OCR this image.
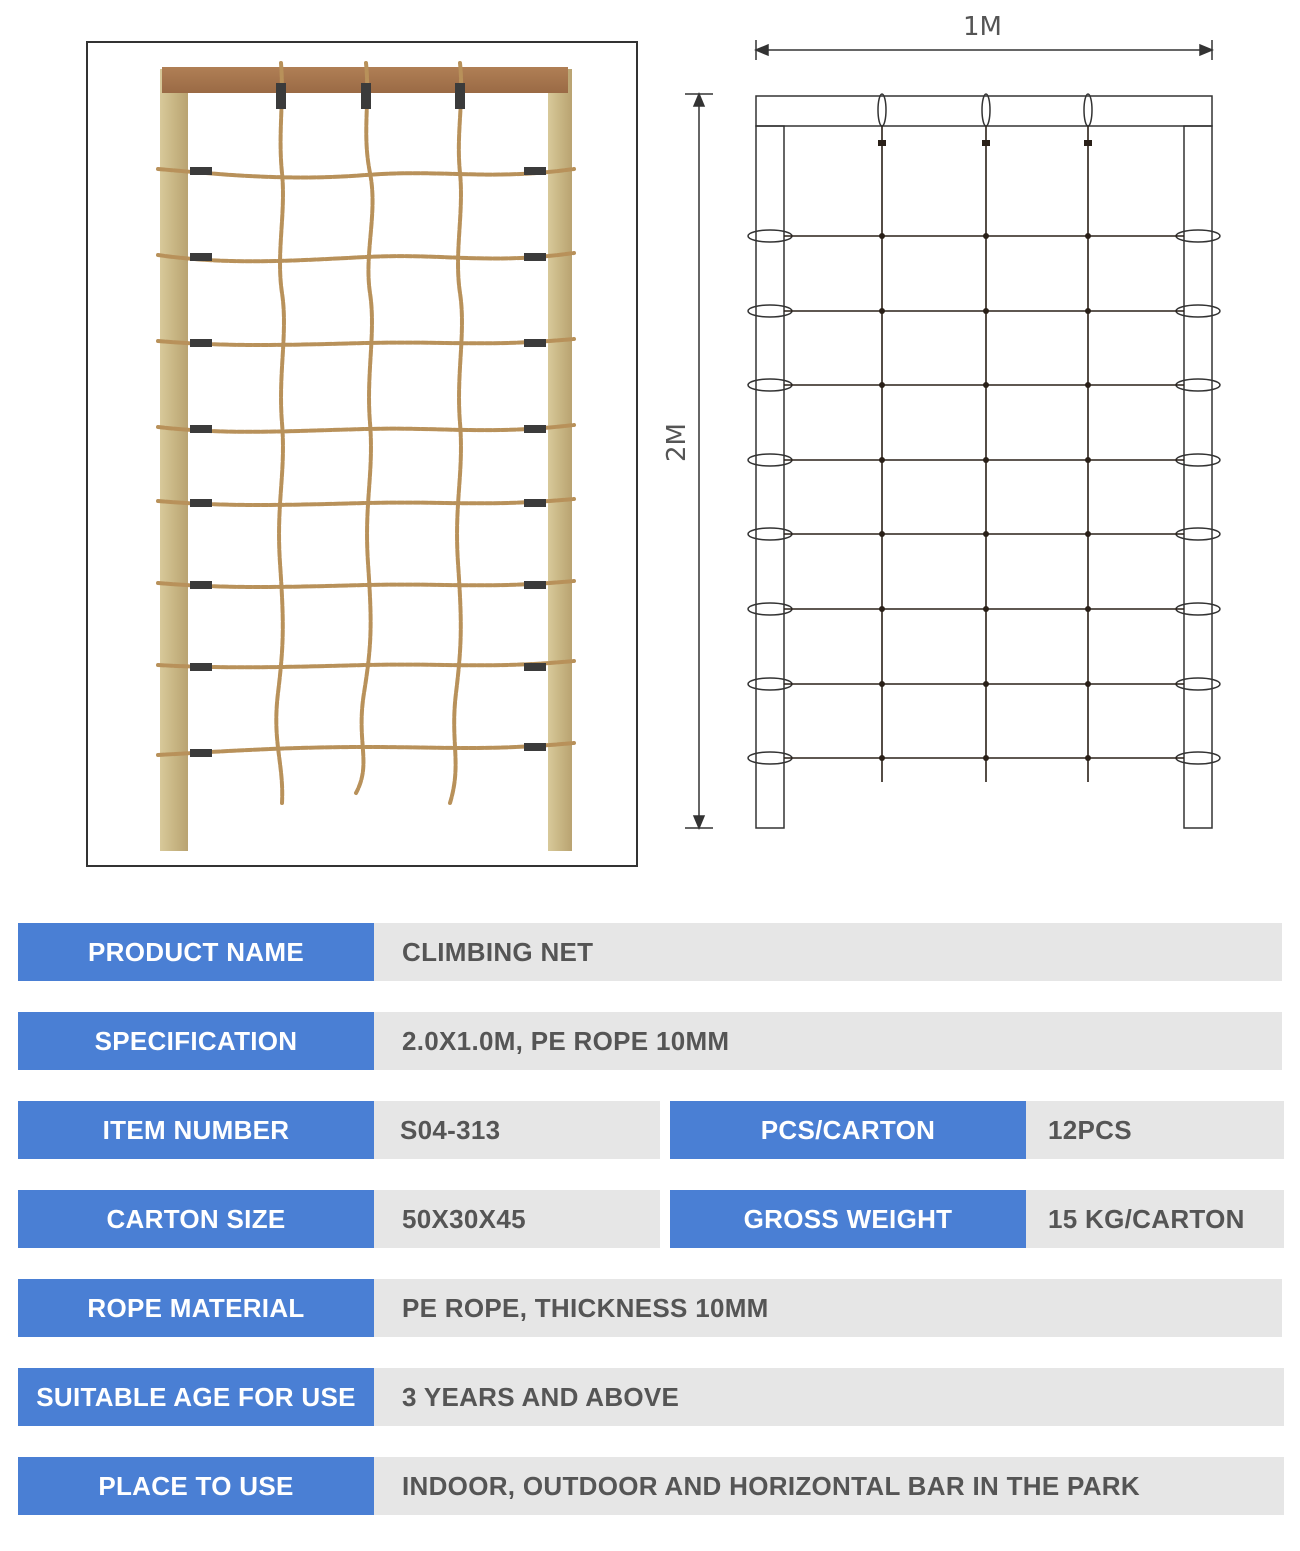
1M
2M
PRODUCT NAME	CLIMBING NET
SPECIFICATION	2.0X1.0M, PE ROPE 10MM
ITEM NUMBER	S04-313	PCS/CARTON	12PCS
CARTON SIZE	50X30X45	GROSS WEIGHT	15 KG/CARTON
ROPE MATERIAL	PE ROPE, THICKNESS 10MM
SUITABLE AGE FOR USE	3 YEARS AND ABOVE
PLACE TO USE	INDOOR, OUTDOOR AND HORIZONTAL BAR IN THE PARK
